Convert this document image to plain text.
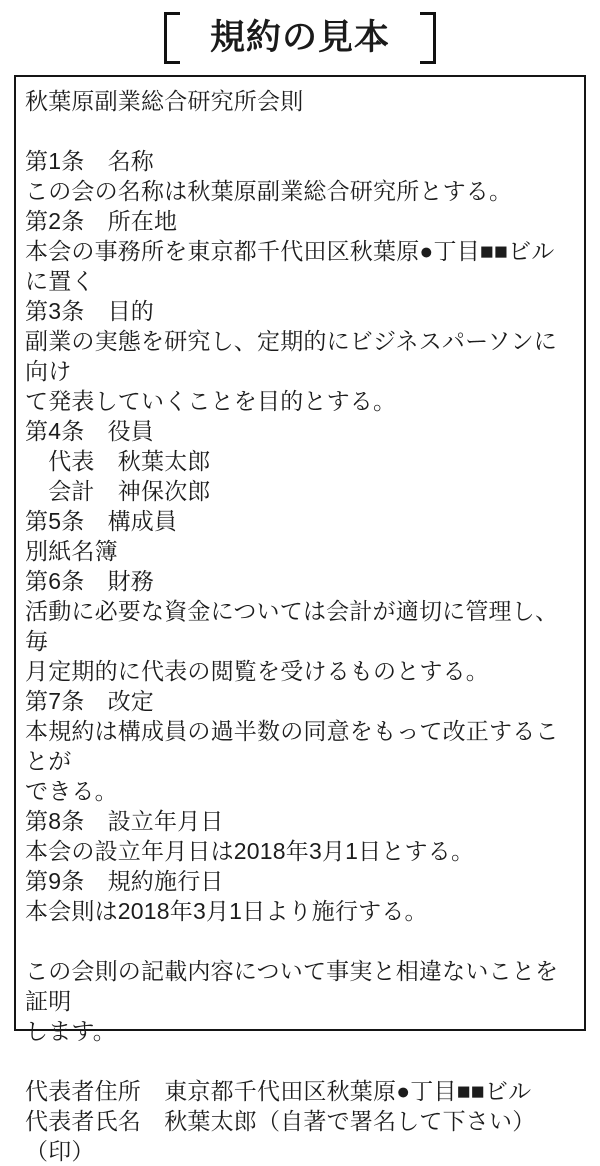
規約の見本
秋葉原副業総合研究所会則
第1条　名称
この会の名称は秋葉原副業総合研究所とする。
第2条　所在地
本会の事務所を東京都千代田区秋葉原●丁目■■ビル
に置く
第3条　目的
副業の実態を研究し、定期的にビジネスパーソンに向け
て発表していくことを目的とする。
第4条　役員
　代表　秋葉太郎
　会計　神保次郎
第5条　構成員
別紙名簿
第6条　財務
活動に必要な資金については会計が適切に管理し、毎
月定期的に代表の閲覧を受けるものとする。
第7条　改定
本規約は構成員の過半数の同意をもって改正することが
できる。
第8条　設立年月日
本会の設立年月日は2018年3月1日とする。
第9条　規約施行日
本会則は2018年3月1日より施行する。
この会則の記載内容について事実と相違ないことを証明
します。
代表者住所　東京都千代田区秋葉原●丁目■■ビル
代表者氏名　秋葉太郎（自著で署名して下さい）（印）
